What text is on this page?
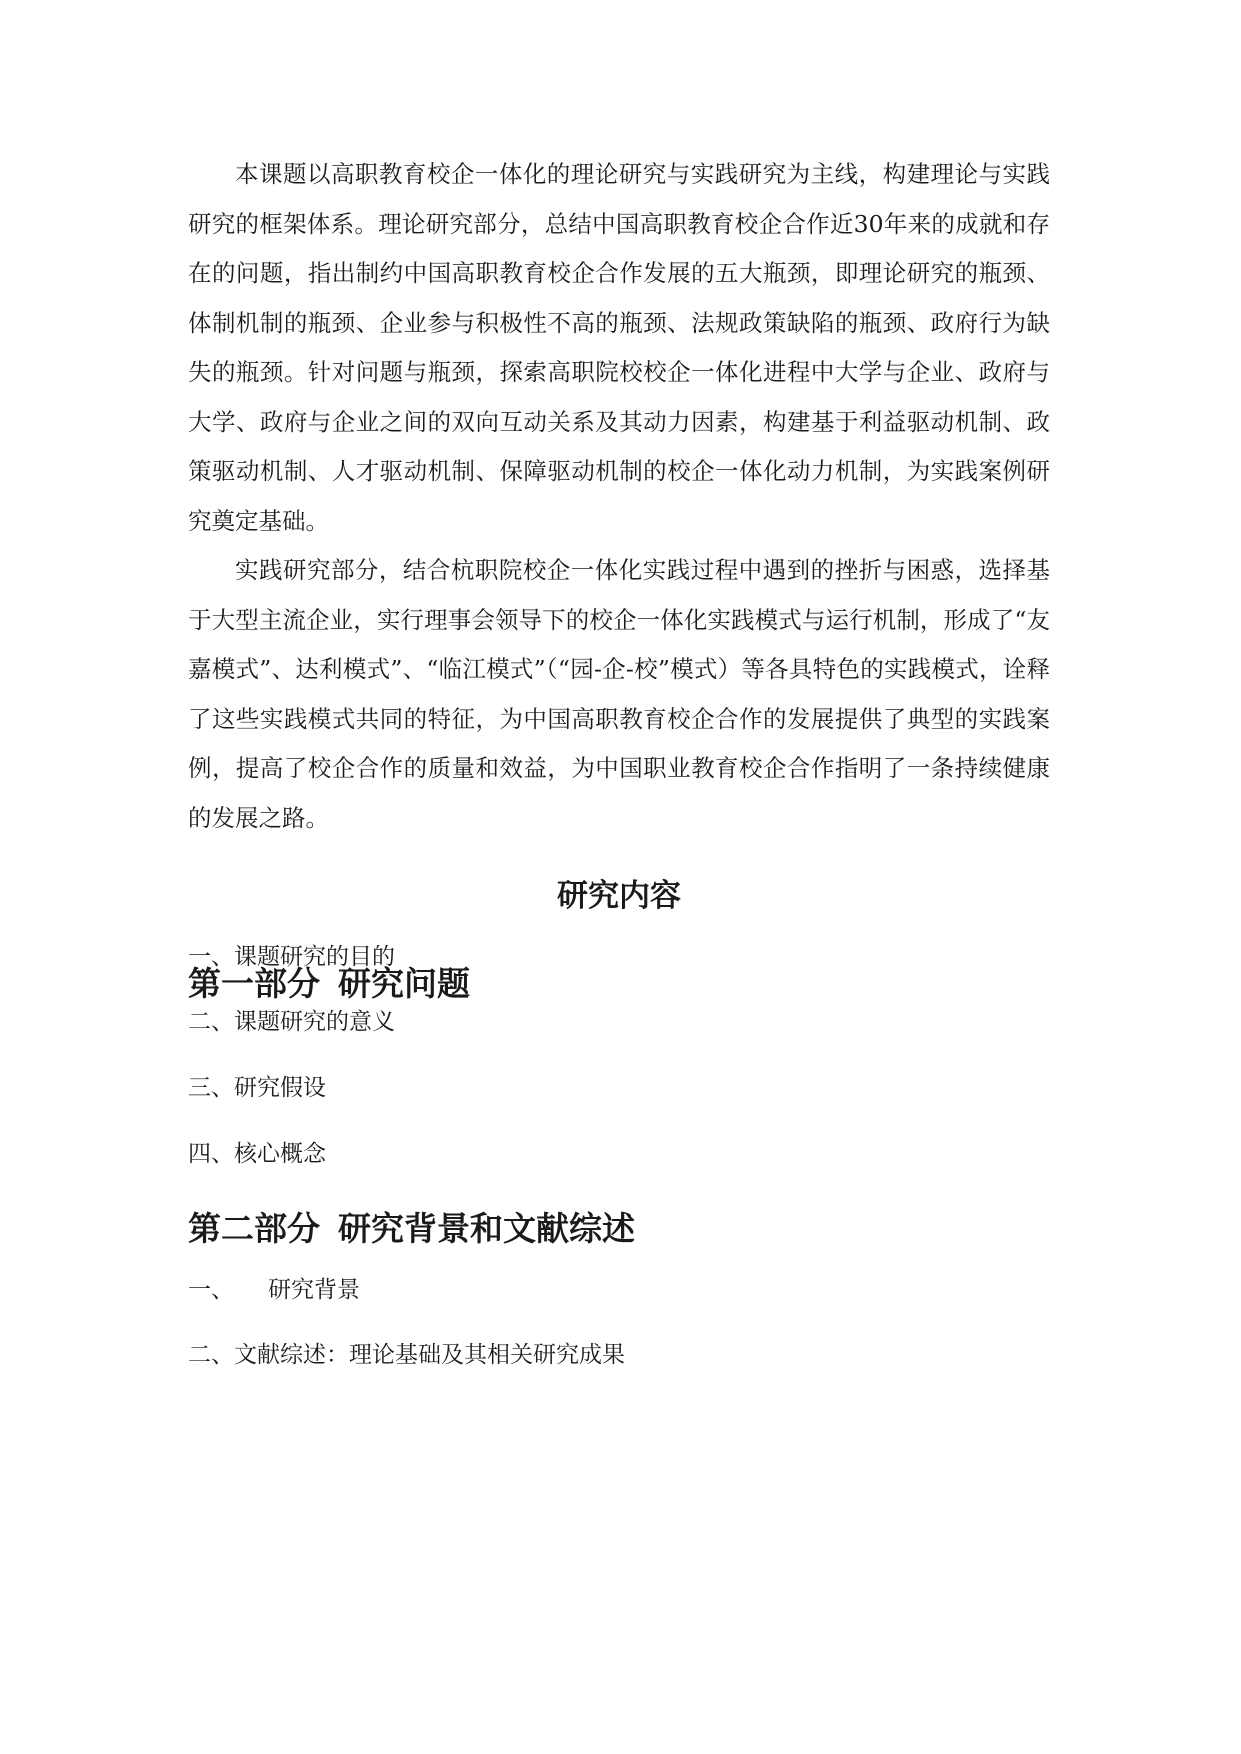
本课题以高职教育校企一体化的理论研究与实践研究为主线，构建理论与实践研究的框架体系。理论研究部分，总结中国高职教育校企合作近30年来的成就和存在的问题，指出制约中国高职教育校企合作发展的五大瓶颈，即理论研究的瓶颈、体制机制的瓶颈、企业参与积极性不高的瓶颈、法规政策缺陷的瓶颈、政府行为缺失的瓶颈。针对问题与瓶颈，探索高职院校校企一体化进程中大学与企业、政府与大学、政府与企业之间的双向互动关系及其动力因素，构建基于利益驱动机制、政策驱动机制、人才驱动机制、保障驱动机制的校企一体化动力机制，为实践案例研究奠定基础。

实践研究部分，结合杭职院校企一体化实践过程中遇到的挫折与困惑，选择基于大型主流企业，实行理事会领导下的校企一体化实践模式与运行机制，形成了“友嘉模式”、达利模式”、“临江模式”（“园-企-校”模式）等各具特色的实践模式，诠释了这些实践模式共同的特征，为中国高职教育校企合作的发展提供了典型的实践案例，提高了校企合作的质量和效益，为中国职业教育校企合作指明了一条持续健康的发展之路。

研究内容
第一部分 研究问题

一、课题研究的目的

二、课题研究的意义

三、研究假设

四、核心概念

第二部分 研究背景和文献综述

一、 研究背景

二、文献综述：理论基础及其相关研究成果
